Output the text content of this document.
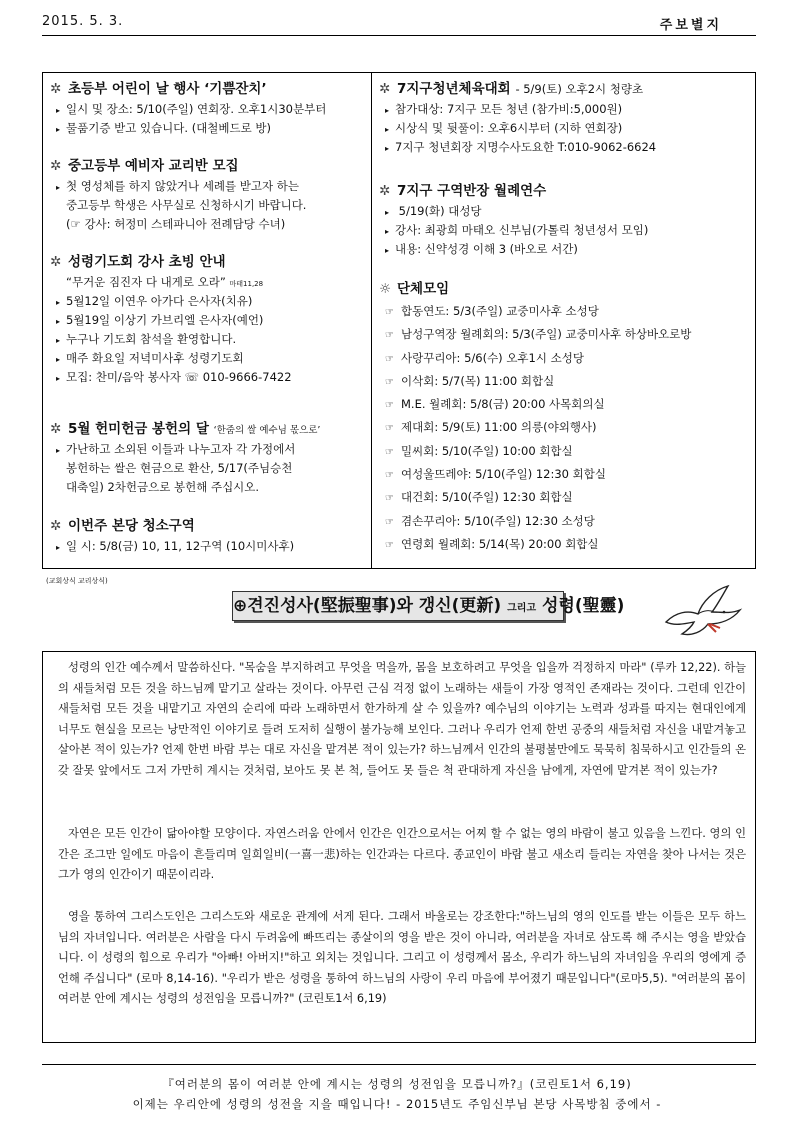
2015. 5. 3.	주보별지
✲ 초등부 어린이 날 행사 ‘기쁨잔치’
▸ 일시 및 장소: 5/10(주일) 연회장. 오후1시30분부터
▸ 물품기증 받고 있습니다. (대철베드로 방)
✲ 중고등부 예비자 교리반 모집
▸ 첫 영성체를 하지 않았거나 세례를 받고자 하는
중고등부 학생은 사무실로 신청하시기 바랍니다.
(☞ 강사: 허정미 스테파니아 전례담당 수녀)
✲ 성령기도회 강사 초빙 안내
“무거운 짐진자 다 내게로 오라” 마태11,28
▸ 5월12일 이연우 아가다 은사자(치유)
▸ 5월19일 이상기 가브리엘 은사자(예언)
▸ 누구나 기도회 참석을 환영합니다.
▸ 매주 화요일 저녁미사후 성령기도회
▸ 모집: 찬미/음악 봉사자 ☏ 010-9666-7422
✲ 5월 헌미헌금 봉헌의 달 ‘한줌의 쌀 예수님 몫으로’
▸ 가난하고 소외된 이들과 나누고자 각 가정에서
봉헌하는 쌀은 현금으로 환산, 5/17(주님승천
대축일) 2차헌금으로 봉헌해 주십시오.
✲ 이번주 본당 청소구역
▸ 일 시: 5/8(금) 10, 11, 12구역 (10시미사후)
✲ 7지구청년체육대회 - 5/9(토) 오후2시 청량초
▸ 참가대상: 7지구 모든 청년 (참가비:5,000원)
▸ 시상식 및 뒷풀이: 오후6시부터 (지하 연회장)
▸ 7지구 청년회장 지명수사도요한 T:010-9062-6624
✲ 7지구 구역반장 월례연수
▸ 5/19(화) 대성당
▸ 강사: 최광희 마태오 신부님(가톨릭 청년성서 모임)
▸ 내용: 신약성경 이해 3 (바오로 서간)
☼ 단체모임
☞ 합동연도: 5/3(주일) 교중미사후 소성당
☞ 남성구역장 월례회의: 5/3(주일) 교중미사후 하상바오로방
☞ 사랑꾸리아: 5/6(수) 오후1시 소성당
☞ 이삭회: 5/7(목) 11:00 회합실
☞ M.E. 월례회: 5/8(금) 20:00 사목회의실
☞ 제대회: 5/9(토) 11:00 의릉(야외행사)
☞ 밀씨회: 5/10(주일) 10:00 회합실
☞ 여성울뜨레야: 5/10(주일) 12:30 회합실
☞ 대건회: 5/10(주일) 12:30 회합실
☞ 겸손꾸리아: 5/10(주일) 12:30 소성당
☞ 연령회 월례회: 5/14(목) 20:00 회합실
(교회상식 교리상식)
⊕견진성사(堅振聖事)와 갱신(更新) 그리고 성령(聖靈)

성령의 인간 예수께서 말씀하신다. "목숨을 부지하려고 무엇을 먹을까, 몸을 보호하려고 무엇을 입을까 걱정하지 마라" (루카 12,22). 하늘의 새들처럼 모든 것을 하느님께 맡기고 살라는 것이다. 아무런 근심 걱정 없이 노래하는 새들이 가장 영적인 존재라는 것이다. 그런데 인간이 새들처럼 모든 것을 내맡기고 자연의 순리에 따라 노래하면서 한가하게 살 수 있을까? 예수님의 이야기는 노력과 성과를 따지는 현대인에게 너무도 현실을 모르는 낭만적인 이야기로 들려 도저히 실행이 불가능해 보인다. 그러나 우리가 언제 한번 공중의 새들처럼 자신을 내맡겨놓고 살아본 적이 있는가? 언제 한번 바람 부는 대로 자신을 맡겨본 적이 있는가? 하느님께서 인간의 불평불만에도 묵묵히 침묵하시고 인간들의 온갖 잘못 앞에서도 그저 가만히 계시는 것처럼, 보아도 못 본 척, 들어도 못 들은 척 관대하게 자신을 남에게, 자연에 맡겨본 적이 있는가?

자연은 모든 인간이 닮아야할 모양이다. 자연스러움 안에서 인간은 인간으로서는 어찌 할 수 없는 영의 바람이 불고 있음을 느낀다. 영의 인간은 조그만 일에도 마음이 흔들리며 일희일비(一喜一悲)하는 인간과는 다르다. 종교인이 바람 불고 새소리 들리는 자연을 찾아 나서는 것은 그가 영의 인간이기 때문이리라.

영을 통하여 그리스도인은 그리스도와 새로운 관계에 서게 된다. 그래서 바울로는 강조한다:"하느님의 영의 인도를 받는 이들은 모두 하느님의 자녀입니다. 여러분은 사람을 다시 두려움에 빠뜨리는 종살이의 영을 받은 것이 아니라, 여러분을 자녀로 삼도록 해 주시는 영을 받았습니다. 이 성령의 힘으로 우리가 "아빠! 아버지!"하고 외치는 것입니다. 그리고 이 성령께서 몸소, 우리가 하느님의 자녀임을 우리의 영에게 증언해 주십니다" (로마 8,14-16). "우리가 받은 성령을 통하여 하느님의 사랑이 우리 마음에 부어졌기 때문입니다"(로마5,5). "여러분의 몸이 여러분 안에 계시는 성령의 성전임을 모릅니까?" (코린토1서 6,19)

『여러분의 몸이 여러분 안에 계시는 성령의 성전임을 모릅니까?』(코린토1서 6,19)
이제는 우리안에 성령의 성전을 지을 때입니다! - 2015년도 주임신부님 본당 사목방침 중에서 -
